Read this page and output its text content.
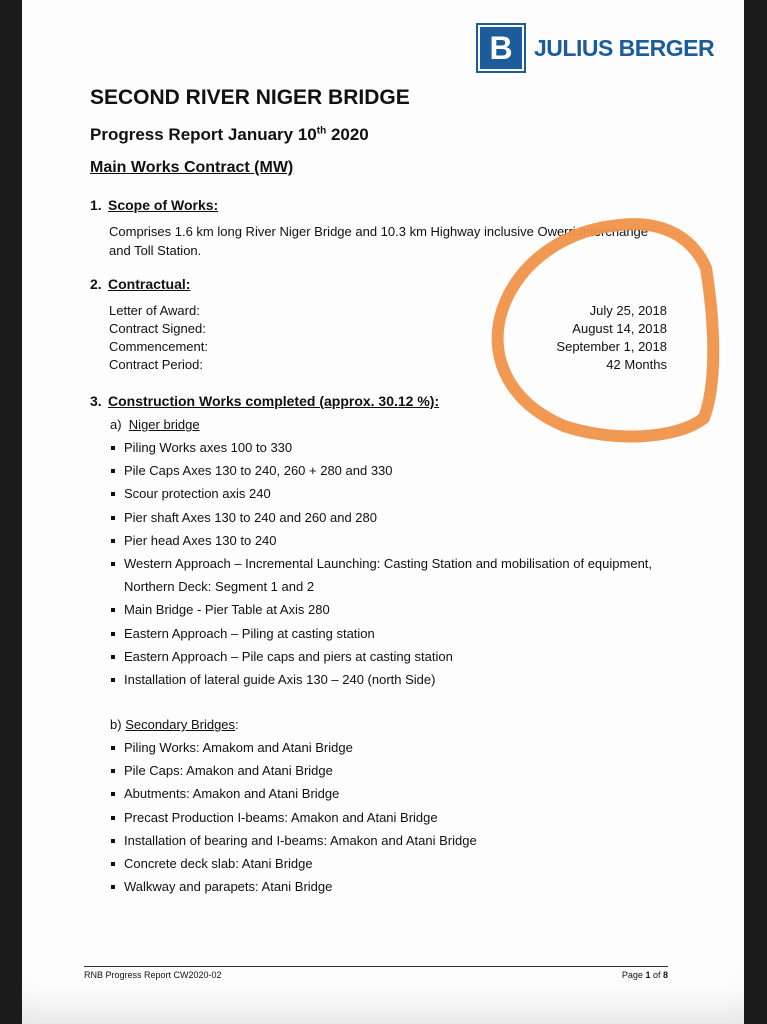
B JULIUS BERGER
SECOND RIVER NIGER BRIDGE
Progress Report January 10th 2020
Main Works Contract (MW)
1. Scope of Works:
Comprises 1.6 km long River Niger Bridge and 10.3 km Highway inclusive Owerri Interchange
and Toll Station.
2. Contractual:
Letter of Award:	July 25, 2018
Contract Signed:	August 14, 2018
Commencement:	September 1, 2018
Contract Period:	42 Months
3. Construction Works completed (approx. 30.12 %):
a) Niger bridge
Piling Works axes 100 to 330
Pile Caps Axes 130 to 240, 260 + 280 and 330
Scour protection axis 240
Pier shaft Axes 130 to 240 and 260 and 280
Pier head Axes 130 to 240
Western Approach – Incremental Launching: Casting Station and mobilisation of equipment,
Northern Deck: Segment 1 and 2
Main Bridge - Pier Table at Axis 280
Eastern Approach – Piling at casting station
Eastern Approach – Pile caps and piers at casting station
Installation of lateral guide Axis 130 – 240 (north Side)
b) Secondary Bridges:
Piling Works: Amakom and Atani Bridge
Pile Caps: Amakon and Atani Bridge
Abutments: Amakon and Atani Bridge
Precast Production I-beams: Amakon and Atani Bridge
Installation of bearing and I-beams: Amakon and Atani Bridge
Concrete deck slab: Atani Bridge
Walkway and parapets: Atani Bridge
RNB Progress Report CW2020-02	Page 1 of 8
